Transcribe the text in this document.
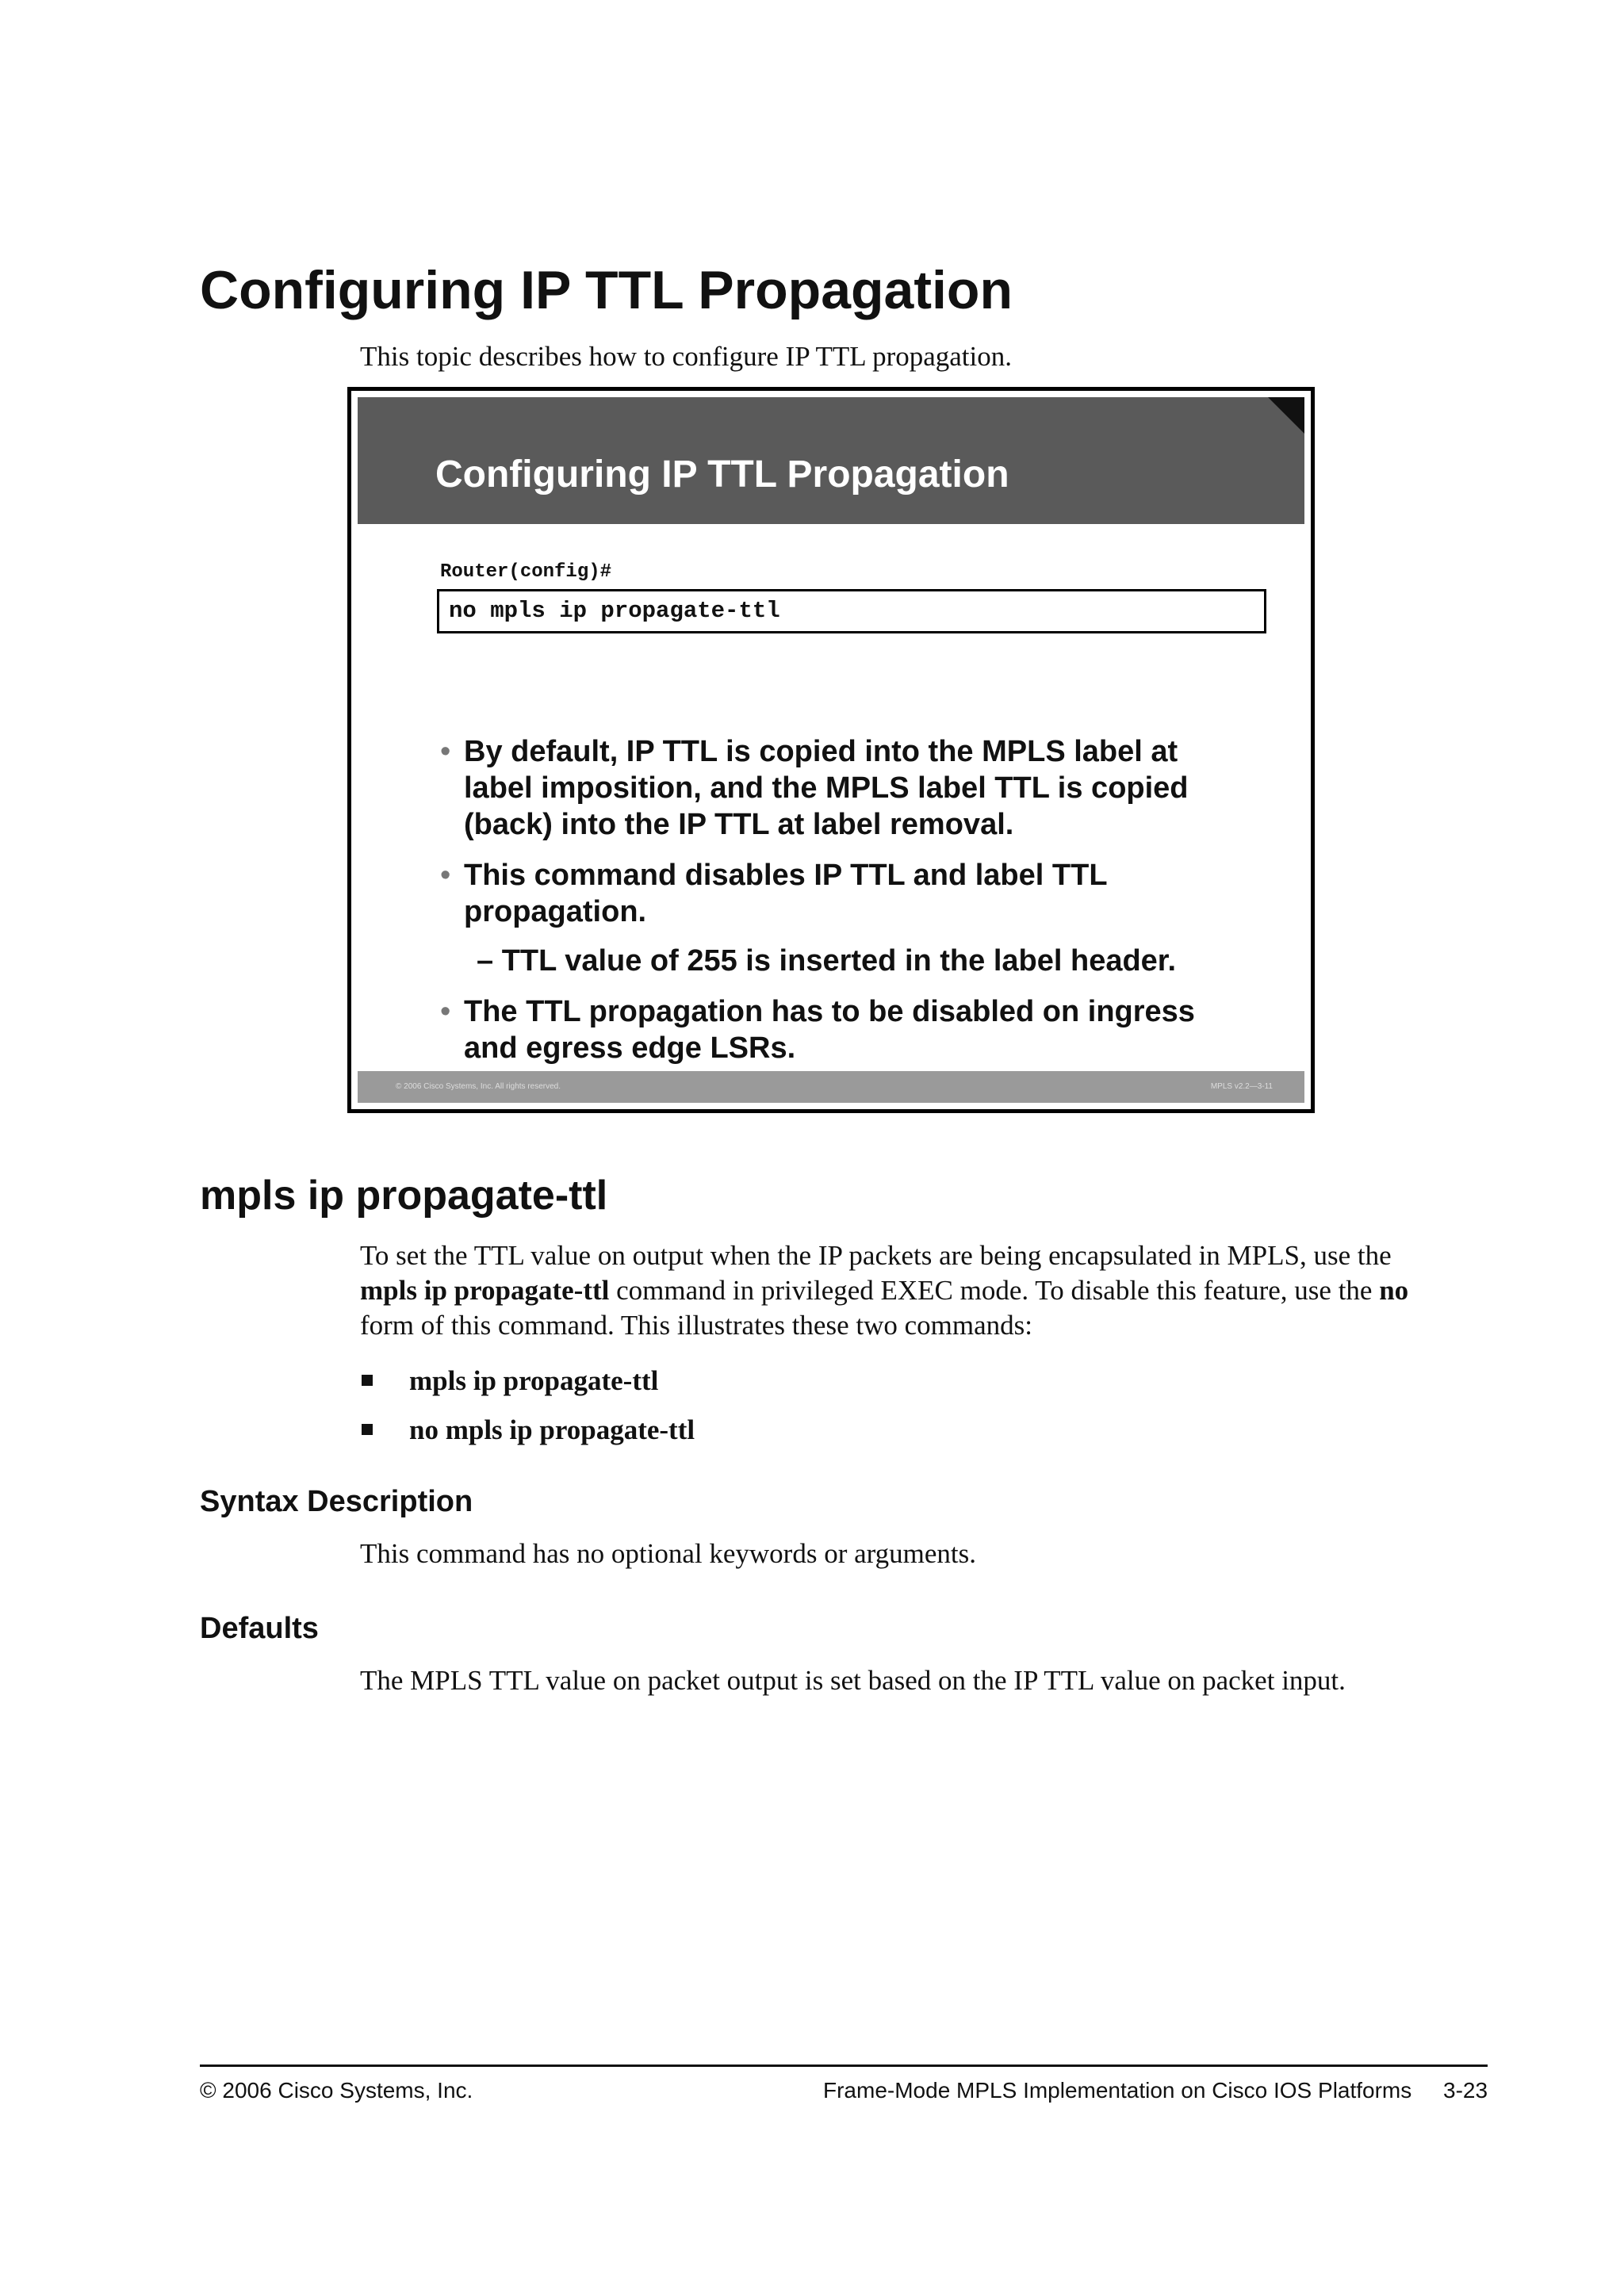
Configuring IP TTL Propagation
This topic describes how to configure IP TTL propagation.
Configuring IP TTL Propagation
Router(config)#
no mpls ip propagate-ttl
• By default, IP TTL is copied into the MPLS label at
label imposition, and the MPLS label TTL is copied
(back) into the IP TTL at label removal.
• This command disables IP TTL and label TTL
propagation.
– TTL value of 255 is inserted in the label header.
• The TTL propagation has to be disabled on ingress
and egress edge LSRs.
© 2006 Cisco Systems, Inc. All rights reserved.	MPLS v2.2—3-11
mpls ip propagate-ttl
To set the TTL value on output when the IP packets are being encapsulated in MPLS, use the
mpls ip propagate-ttl command in privileged EXEC mode. To disable this feature, use the no
form of this command. This illustrates these two commands:
mpls ip propagate-ttl
no mpls ip propagate-ttl
Syntax Description
This command has no optional keywords or arguments.
Defaults
The MPLS TTL value on packet output is set based on the IP TTL value on packet input.
© 2006 Cisco Systems, Inc.	Frame-Mode MPLS Implementation on Cisco IOS Platforms 3-23
